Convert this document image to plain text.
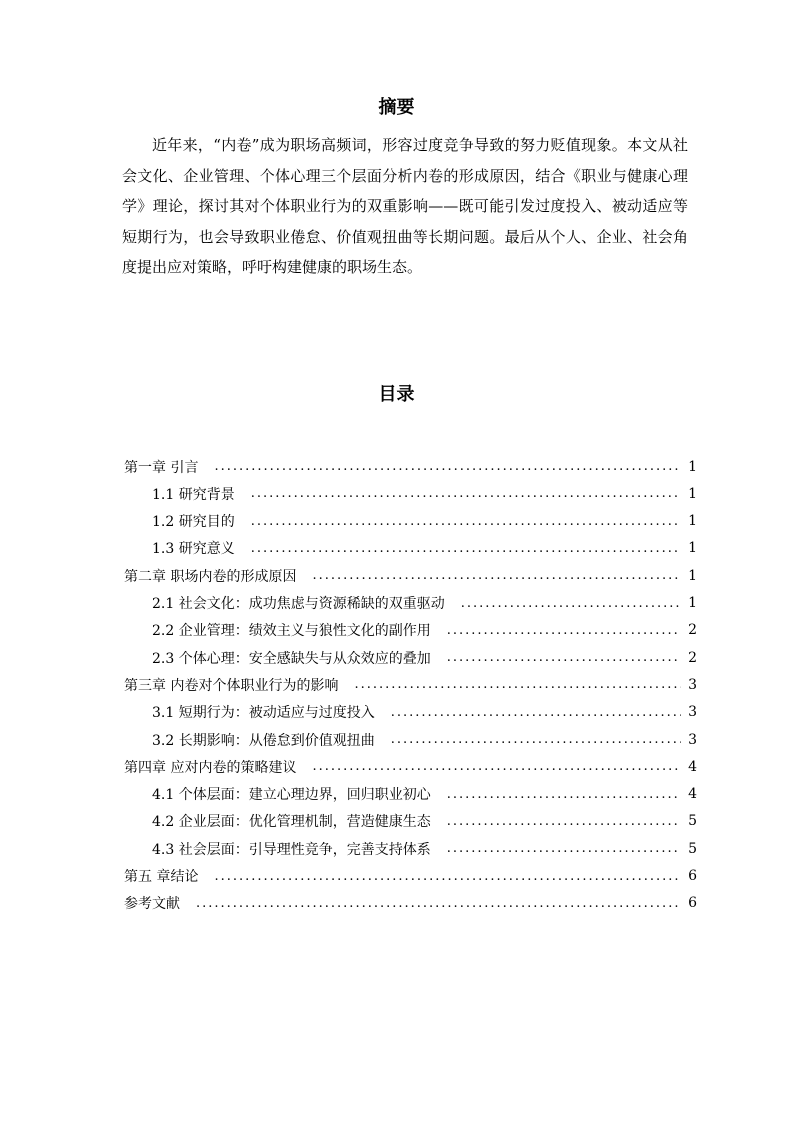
摘要

近年来，“内卷”成为职场高频词，形容过度竞争导致的努力贬值现象。本文从社会文化、企业管理、个体心理三个层面分析内卷的形成原因，结合《职业与健康心理学》理论，探讨其对个体职业行为的双重影响——既可能引发过度投入、被动适应等短期行为，也会导致职业倦怠、价值观扭曲等长期问题。最后从个人、企业、社会角度提出应对策略，呼吁构建健康的职场生态。

目录
第一章 引言 .....	1
1.1 研究背景 .....	1
1.2 研究目的 .....	1
1.3 研究意义 .....	1
第二章 职场内卷的形成原因 .....	1
2.1 社会文化：成功焦虑与资源稀缺的双重驱动 .....	1
2.2 企业管理：绩效主义与狼性文化的副作用 .....	2
2.3 个体心理：安全感缺失与从众效应的叠加 .....	2
第三章 内卷对个体职业行为的影响 .....	3
3.1 短期行为：被动适应与过度投入 .....	3
3.2 长期影响：从倦怠到价值观扭曲 .....	3
第四章 应对内卷的策略建议 .....	4
4.1 个体层面：建立心理边界，回归职业初心 .....	4
4.2 企业层面：优化管理机制，营造健康生态 .....	5
4.3 社会层面：引导理性竞争，完善支持体系 .....	5
第五 章结论 .....	6
参考文献 .....	6
